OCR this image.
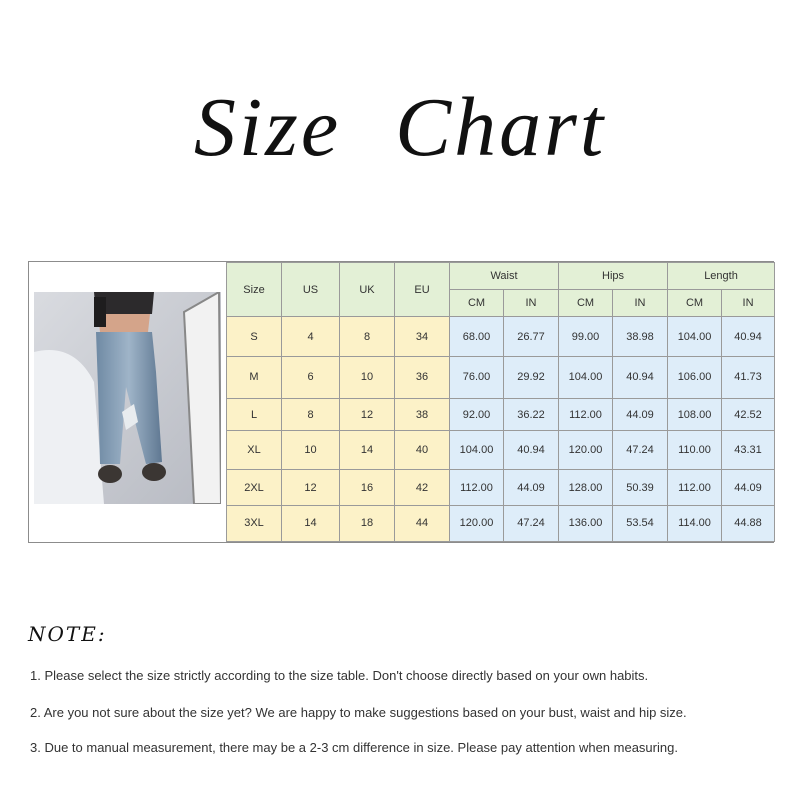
Size Chart
Size	US	UK	EU	Waist		Hips		Length	
				CM	IN	CM	IN	CM	IN
S	4	8	34	68.00	26.77	99.00	38.98	104.00	40.94
M	6	10	36	76.00	29.92	104.00	40.94	106.00	41.73
L	8	12	38	92.00	36.22	112.00	44.09	108.00	42.52
XL	10	14	40	104.00	40.94	120.00	47.24	110.00	43.31
2XL	12	16	42	112.00	44.09	128.00	50.39	112.00	44.09
3XL	14	18	44	120.00	47.24	136.00	53.54	114.00	44.88
NOTE:
1. Please select the size strictly according to the size table. Don't choose directly based on your own habits.
2. Are you not sure about the size yet? We are happy to make suggestions based on your bust, waist and hip size.
3. Due to manual measurement, there may be a 2-3 cm difference in size. Please pay attention when measuring.
